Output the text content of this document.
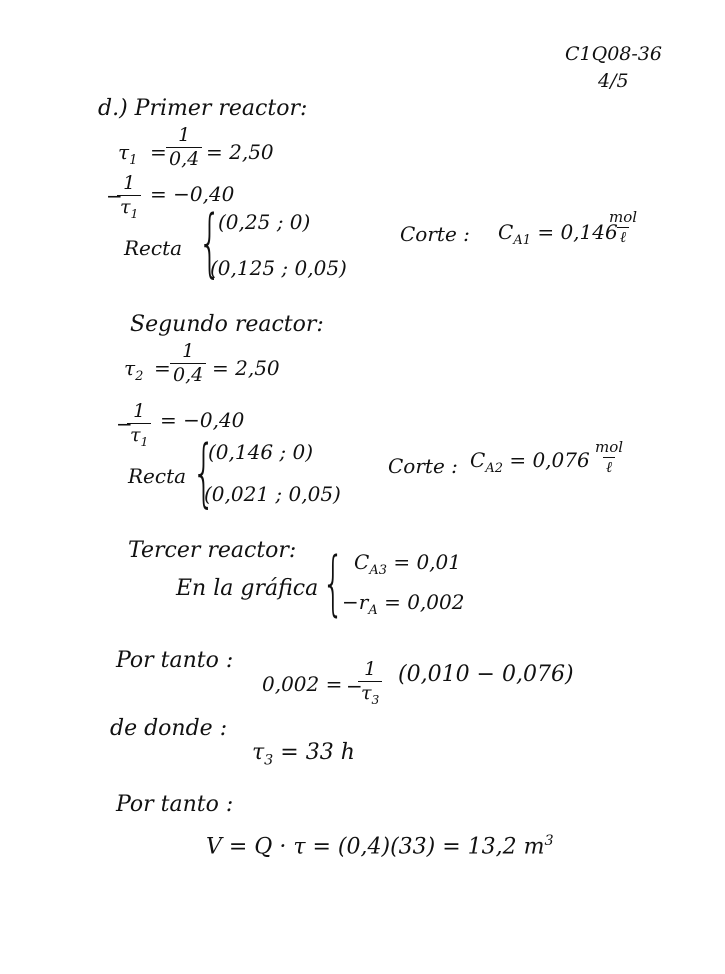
C1Q08-36
4/5
d.) Primer reactor:
$\tau_1 = \frac{1}{0,4} = 2,50$
−
$\frac{1}{\tau_1} = -0,40$
Recta {
(0,25 ; 0)
(0,125 ; 0,05)
Corte : $C_{A1} = 0,146$
mol
ℓ
Segundo reactor:
$\tau_2 = \frac{1}{0,4} = 2,50$
−
$\frac{1}{\tau_1} = -0,40$
Recta {
(0,146 ; 0)
(0,021 ; 0,05)
Corte : $C_{A2} = 0,076$
mol
ℓ
Tercer reactor:
En la gráfica { $C_{A3} = 0,01$
$-r_A = 0,002$
Por tanto :
0,002 = −
$\frac{1}{\tau_3} (0,010 - 0,076)$
de donde :
$\tau_3 = 33$ h
Por tanto :
V = Q · τ = (0,4)(33) = 13,2 $m^3$
